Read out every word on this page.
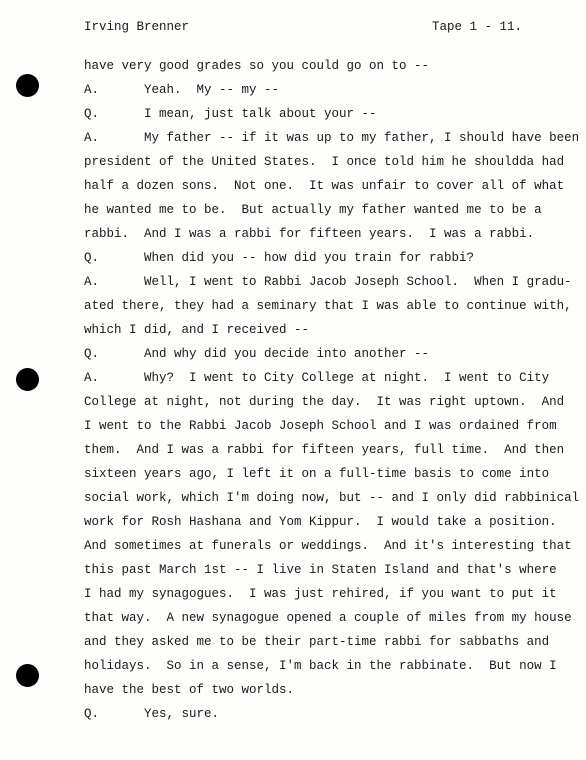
Irving Brenner	Tape 1 - 11.
have very good grades so you could go on to --
A.      Yeah.  My -- my --
Q.      I mean, just talk about your --
A.      My father -- if it was up to my father, I should have been
president of the United States.  I once told him he shouldda had
half a dozen sons.  Not one.  It was unfair to cover all of what
he wanted me to be.  But actually my father wanted me to be a
rabbi.  And I was a rabbi for fifteen years.  I was a rabbi.
Q.      When did you -- how did you train for rabbi?
A.      Well, I went to Rabbi Jacob Joseph School.  When I gradu-
ated there, they had a seminary that I was able to continue with,
which I did, and I received --
Q.      And why did you decide into another --
A.      Why?  I went to City College at night.  I went to City
College at night, not during the day.  It was right uptown.  And
I went to the Rabbi Jacob Joseph School and I was ordained from
them.  And I was a rabbi for fifteen years, full time.  And then
sixteen years ago, I left it on a full-time basis to come into
social work, which I'm doing now, but -- and I only did rabbinical
work for Rosh Hashana and Yom Kippur.  I would take a position.
And sometimes at funerals or weddings.  And it's interesting that
this past March 1st -- I live in Staten Island and that's where
I had my synagogues.  I was just rehired, if you want to put it
that way.  A new synagogue opened a couple of miles from my house
and they asked me to be their part-time rabbi for sabbaths and
holidays.  So in a sense, I'm back in the rabbinate.  But now I
have the best of two worlds.
Q.      Yes, sure.
